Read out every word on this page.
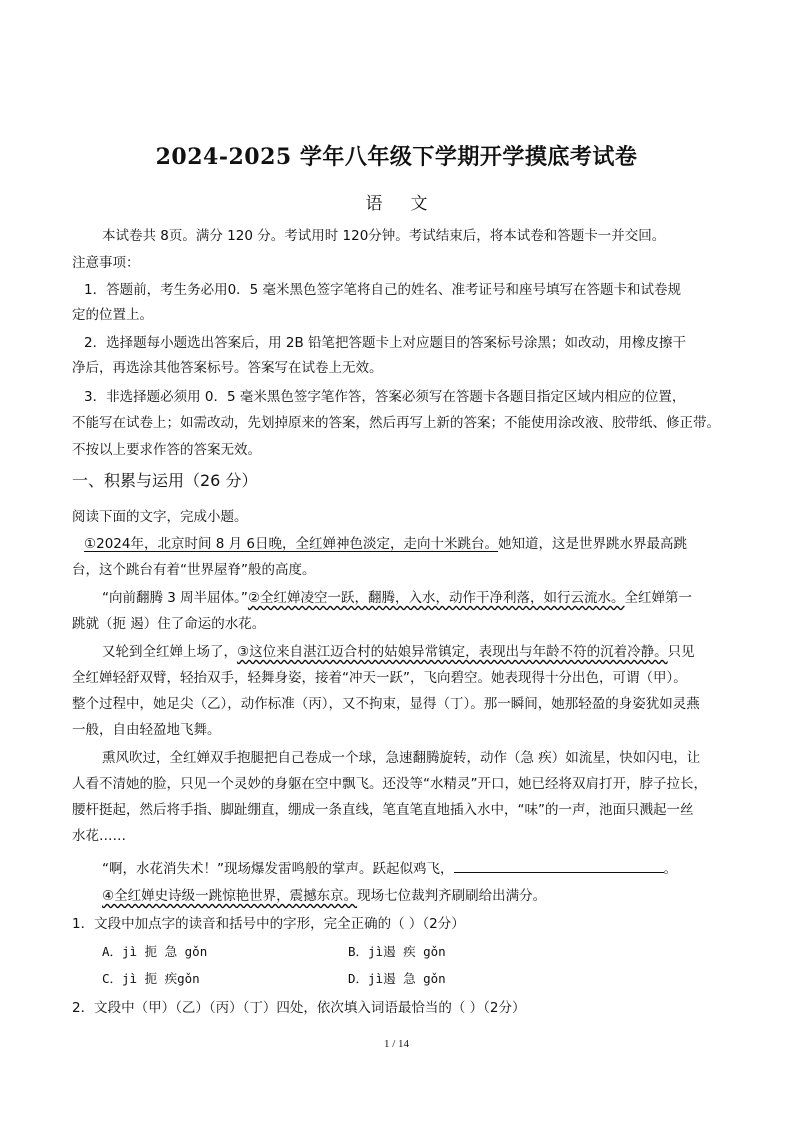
2024-2025 学年八年级下学期开学摸底考试卷
语文
本试卷共 8页。满分 120 分。考试用时 120分钟。考试结束后，将本试卷和答题卡一并交回。
注意事项：
1．答题前，考生务必用0．5 毫米黑色签字笔将自己的姓名、准考证号和座号填写在答题卡和试卷规
定的位置上。
2．选择题每小题选出答案后，用 2B 铅笔把答题卡上对应题目的答案标号涂黑；如改动，用橡皮擦干
净后，再选涂其他答案标号。答案写在试卷上无效。
3．非选择题必须用 0．5 毫米黑色签字笔作答，答案必须写在答题卡各题目指定区域内相应的位置，
不能写在试卷上；如需改动，先划掉原来的答案，然后再写上新的答案；不能使用涂改液、胶带纸、修正带。
不按以上要求作答的答案无效。
一、积累与运用（26 分）
阅读下面的文字，完成小题。
①2024年，北京时间 8 月 6日晚，全红婵神色淡定，走向十米跳台。她知道，这是世界跳水界最高跳
台，这个跳台有着“世界屋脊”般的高度。
“向前翻腾 3 周半屈体。”②全红婵凌空一跃，翻腾，入水，动作干净利落，如行云流水。全红婵第一
跳就（扼 遏）住了命运的水花。
又轮到全红婵上场了，③这位来自湛江迈合村的姑娘异常镇定，表现出与年龄不符的沉着冷静。只见
全红婵轻舒双臂，轻抬双手，轻舞身姿，接着“冲天一跃”，飞向碧空。她表现得十分出色，可谓（甲）。
整个过程中，她足尖（乙），动作标准（丙），又不拘束，显得（丁）。那一瞬间，她那轻盈的身姿犹如灵燕
一般，自由轻盈地飞舞。
熏风吹过，全红婵双手抱腿把自己卷成一个球，急速翻腾旋转，动作（急 疾）如流星，快如闪电，让
人看不清她的脸，只见一个灵妙的身躯在空中飘飞。还没等“水精灵”开口，她已经将双肩打开，脖子拉长，
腰杆挺起，然后将手指、脚趾绷直，绷成一条直线，笔直笔直地插入水中，“味”的一声，池面只溅起一丝
水花……
“啊，水花消失术！”现场爆发雷鸣般的掌声。跃起似鸡飞，	。
④全红婵史诗级一跳惊艳世界，震撼东京。现场七位裁判齐刷刷给出满分。
1．文段中加点字的读音和括号中的字形，完全正确的（ ）（2分）
A．jì 扼 急 gǒn	B．jì遏 疾 gǒn
C．jì 扼 疾gǒn	D．jì遏 急 gǒn
2．文段中（甲）（乙）（丙）（丁）四处，依次填入词语最恰当的（ ）（2分）
1 / 14
